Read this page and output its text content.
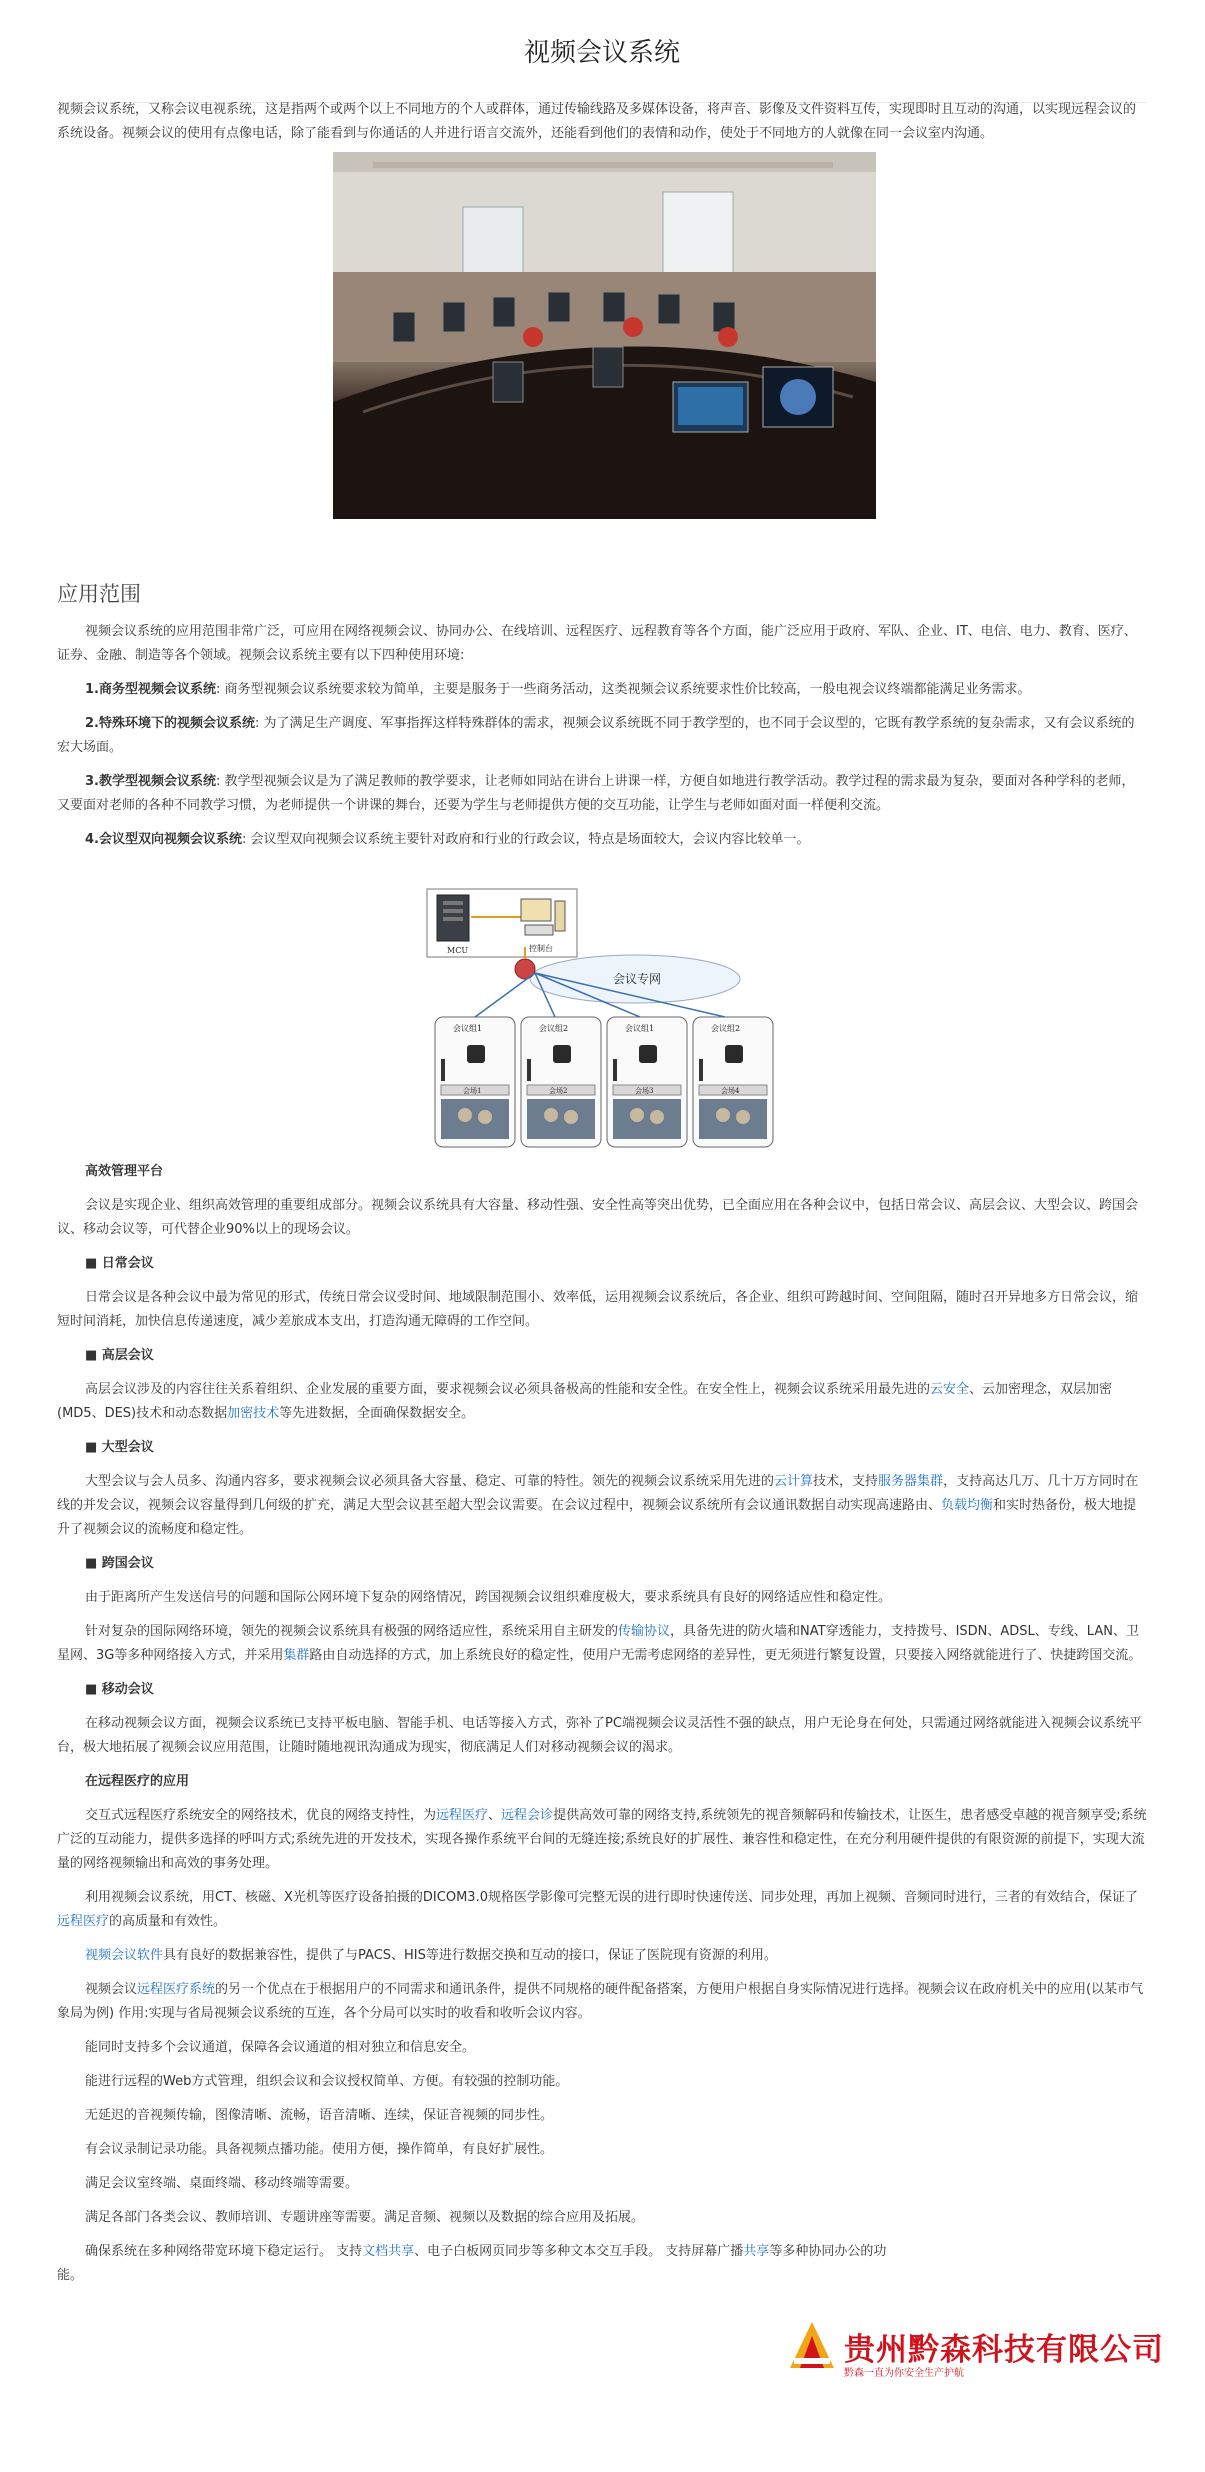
视频会议系统

视频会议系统，又称会议电视系统，这是指两个或两个以上不同地方的个人或群体，通过传输线路及多媒体设备，将声音、影像及文件资料互传，实现即时且互动的沟通，以实现远程会议的系统设备。视频会议的使用有点像电话，除了能看到与你通话的人并进行语言交流外，还能看到他们的表情和动作，使处于不同地方的人就像在同一会议室内沟通。

应用范围

视频会议系统的应用范围非常广泛，可应用在网络视频会议、协同办公、在线培训、远程医疗、远程教育等各个方面，能广泛应用于政府、军队、企业、IT、电信、电力、教育、医疗、证券、金融、制造等各个领域。视频会议系统主要有以下四种使用环境:

1.商务型视频会议系统: 商务型视频会议系统要求较为简单，主要是服务于一些商务活动，这类视频会议系统要求性价比较高，一般电视会议终端都能满足业务需求。

2.特殊环境下的视频会议系统: 为了满足生产调度、军事指挥这样特殊群体的需求，视频会议系统既不同于教学型的，也不同于会议型的，它既有教学系统的复杂需求，又有会议系统的宏大场面。

3.教学型视频会议系统: 教学型视频会议是为了满足教师的教学要求，让老师如同站在讲台上讲课一样，方便自如地进行教学活动。教学过程的需求最为复杂，要面对各种学科的老师，又要面对老师的各种不同教学习惯，为老师提供一个讲课的舞台，还要为学生与老师提供方便的交互功能，让学生与老师如面对面一样便利交流。

4.会议型双向视频会议系统: 会议型双向视频会议系统主要针对政府和行业的行政会议，特点是场面较大，会议内容比较单一。

MCU	控制台
会议专网
会议组1	会议组2	会议组1	会议组2
会场1	会场2	会场3	会场4

高效管理平台

会议是实现企业、组织高效管理的重要组成部分。视频会议系统具有大容量、移动性强、安全性高等突出优势，已全面应用在各种会议中，包括日常会议、高层会议、大型会议、跨国会议、移动会议等，可代替企业90%以上的现场会议。

■ 日常会议

日常会议是各种会议中最为常见的形式，传统日常会议受时间、地域限制范围小、效率低，运用视频会议系统后，各企业、组织可跨越时间、空间阻隔，随时召开异地多方日常会议，缩短时间消耗，加快信息传递速度，减少差旅成本支出，打造沟通无障碍的工作空间。

■ 高层会议

高层会议涉及的内容往往关系着组织、企业发展的重要方面，要求视频会议必须具备极高的性能和安全性。在安全性上，视频会议系统采用最先进的云安全、云加密理念，双层加密(MD5、DES)技术和动态数据加密技术等先进数据，全面确保数据安全。

■ 大型会议

大型会议与会人员多、沟通内容多，要求视频会议必须具备大容量、稳定、可靠的特性。领先的视频会议系统采用先进的云计算技术，支持服务器集群，支持高达几万、几十万方同时在线的并发会议，视频会议容量得到几何级的扩充，满足大型会议甚至超大型会议需要。在会议过程中，视频会议系统所有会议通讯数据自动实现高速路由、负载均衡和实时热备份，极大地提升了视频会议的流畅度和稳定性。

■ 跨国会议

由于距离所产生发送信号的问题和国际公网环境下复杂的网络情况，跨国视频会议组织难度极大，要求系统具有良好的网络适应性和稳定性。

针对复杂的国际网络环境，领先的视频会议系统具有极强的网络适应性，系统采用自主研发的传输协议，具备先进的防火墙和NAT穿透能力，支持拨号、ISDN、ADSL、专线、LAN、卫星网、3G等多种网络接入方式，并采用集群路由自动选择的方式，加上系统良好的稳定性，使用户无需考虑网络的差异性，更无须进行繁复设置，只要接入网络就能进行了、快捷跨国交流。

■ 移动会议

在移动视频会议方面，视频会议系统已支持平板电脑、智能手机、电话等接入方式，弥补了PC端视频会议灵活性不强的缺点，用户无论身在何处，只需通过网络就能进入视频会议系统平台，极大地拓展了视频会议应用范围，让随时随地视讯沟通成为现实，彻底满足人们对移动视频会议的渴求。

在远程医疗的应用

交互式远程医疗系统安全的网络技术，优良的网络支持性，为远程医疗、远程会诊提供高效可靠的网络支持,系统领先的视音频解码和传输技术，让医生，患者感受卓越的视音频享受;系统广泛的互动能力，提供多选择的呼叫方式;系统先进的开发技术，实现各操作系统平台间的无缝连接;系统良好的扩展性、兼容性和稳定性，在充分利用硬件提供的有限资源的前提下，实现大流量的网络视频输出和高效的事务处理。

利用视频会议系统，用CT、核磁、X光机等医疗设备拍摄的DICOM3.0规格医学影像可完整无误的进行即时快速传送、同步处理，再加上视频、音频同时进行，三者的有效结合，保证了远程医疗的高质量和有效性。

视频会议软件具有良好的数据兼容性，提供了与PACS、HIS等进行数据交换和互动的接口，保证了医院现有资源的利用。

视频会议远程医疗系统的另一个优点在于根据用户的不同需求和通讯条件，提供不同规格的硬件配备搭案，方便用户根据自身实际情况进行选择。视频会议在政府机关中的应用(以某市气象局为例) 作用:实现与省局视频会议系统的互连，各个分局可以实时的收看和收听会议内容。

能同时支持多个会议通道，保障各会议通道的相对独立和信息安全。

能进行远程的Web方式管理，组织会议和会议授权简单、方便。有较强的控制功能。

无延迟的音视频传输，图像清晰、流畅，语音清晰、连续，保证音视频的同步性。

有会议录制记录功能。具备视频点播功能。使用方便，操作简单，有良好扩展性。

满足会议室终端、桌面终端、移动终端等需要。

满足各部门各类会议、教师培训、专题讲座等需要。满足音频、视频以及数据的综合应用及拓展。

确保系统在多种网络带宽环境下稳定运行。 支持文档共享、电子白板网页同步等多种文本交互手段。 支持屏幕广播共享等多种协同办公的功能。

贵州黔森科技有限公司
黔森一直为你安全生产护航
